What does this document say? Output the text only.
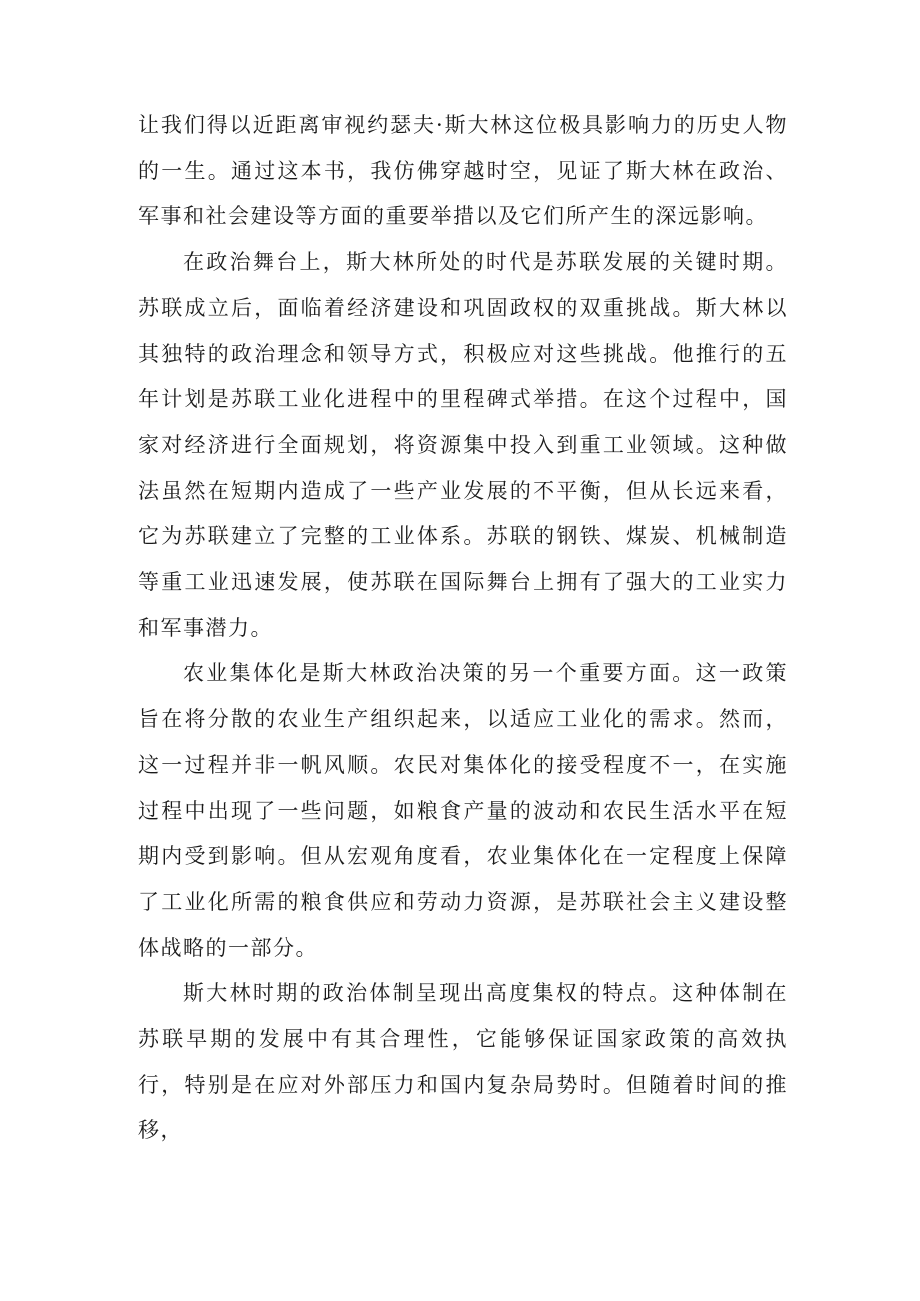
让我们得以近距离审视约瑟夫·斯大林这位极具影响力的历史人物的一生。通过这本书，我仿佛穿越时空，见证了斯大林在政治、军事和社会建设等方面的重要举措以及它们所产生的深远影响。

在政治舞台上，斯大林所处的时代是苏联发展的关键时期。苏联成立后，面临着经济建设和巩固政权的双重挑战。斯大林以其独特的政治理念和领导方式，积极应对这些挑战。他推行的五年计划是苏联工业化进程中的里程碑式举措。在这个过程中，国家对经济进行全面规划，将资源集中投入到重工业领域。这种做法虽然在短期内造成了一些产业发展的不平衡，但从长远来看，它为苏联建立了完整的工业体系。苏联的钢铁、煤炭、机械制造等重工业迅速发展，使苏联在国际舞台上拥有了强大的工业实力和军事潜力。

农业集体化是斯大林政治决策的另一个重要方面。这一政策旨在将分散的农业生产组织起来，以适应工业化的需求。然而，这一过程并非一帆风顺。农民对集体化的接受程度不一，在实施过程中出现了一些问题，如粮食产量的波动和农民生活水平在短期内受到影响。但从宏观角度看，农业集体化在一定程度上保障了工业化所需的粮食供应和劳动力资源，是苏联社会主义建设整体战略的一部分。

斯大林时期的政治体制呈现出高度集权的特点。这种体制在苏联早期的发展中有其合理性，它能够保证国家政策的高效执行，特别是在应对外部压力和国内复杂局势时。但随着时间的推移，
